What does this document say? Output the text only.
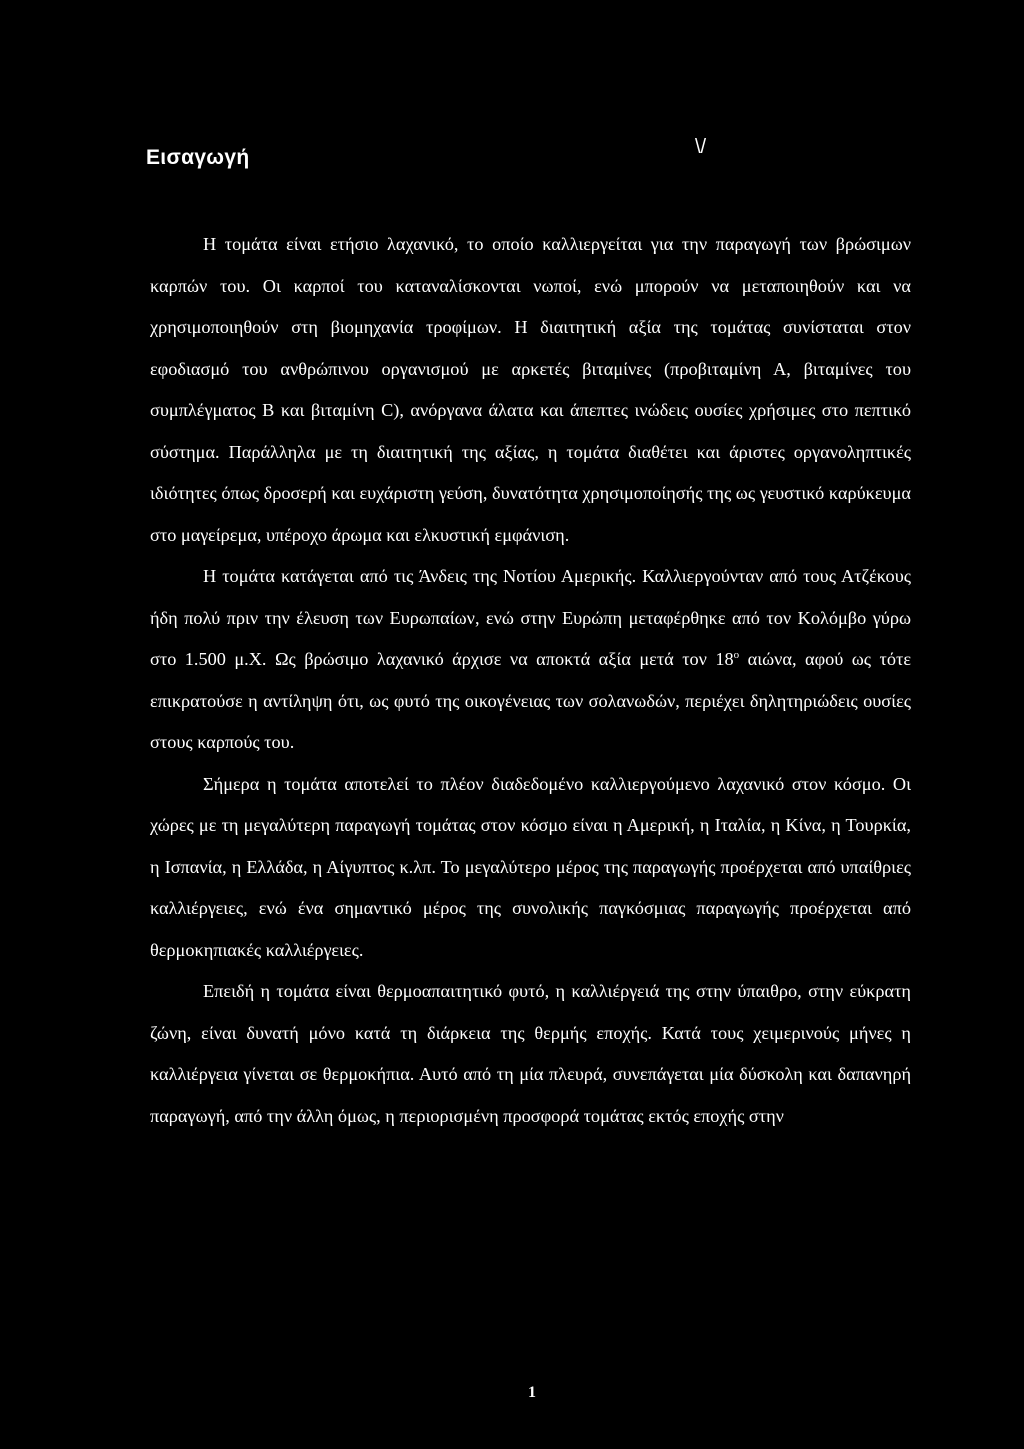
Εισαγωγή	\/

Η τομάτα είναι ετήσιο λαχανικό, το οποίο καλλιεργείται για την παραγωγή των βρώσιμων καρπών του. Οι καρποί του καταναλίσκονται νωποί, ενώ μπορούν να μεταποιηθούν και να χρησιμοποιηθούν στη βιομηχανία τροφίμων. Η διαιτητική αξία της τομάτας συνίσταται στον εφοδιασμό του ανθρώπινου οργανισμού με αρκετές βιταμίνες (προβιταμίνη Α, βιταμίνες του συμπλέγματος Β και βιταμίνη C), ανόργανα άλατα και άπεπτες ινώδεις ουσίες χρήσιμες στο πεπτικό σύστημα. Παράλληλα με τη διαιτητική της αξίας, η τομάτα διαθέτει και άριστες οργανοληπτικές ιδιότητες όπως δροσερή και ευχάριστη γεύση, δυνατότητα χρησιμοποίησής της ως γευστικό καρύκευμα στο μαγείρεμα, υπέροχο άρωμα και ελκυστική εμφάνιση.

Η τομάτα κατάγεται από τις Άνδεις της Νοτίου Αμερικής. Καλλιεργούνταν από τους Ατζέκους ήδη πολύ πριν την έλευση των Ευρωπαίων, ενώ στην Ευρώπη μεταφέρθηκε από τον Κολόμβο γύρω στο 1.500 μ.Χ. Ως βρώσιμο λαχανικό άρχισε να αποκτά αξία μετά τον $18^o$ αιώνα, αφού ως τότε επικρατούσε η αντίληψη ότι, ως φυτό της οικογένειας των σολανωδών, περιέχει δηλητηριώδεις ουσίες στους καρπούς του.

Σήμερα η τομάτα αποτελεί το πλέον διαδεδομένο καλλιεργούμενο λαχανικό στον κόσμο. Οι χώρες με τη μεγαλύτερη παραγωγή τομάτας στον κόσμο είναι η Αμερική, η Ιταλία, η Κίνα, η Τουρκία, η Ισπανία, η Ελλάδα, η Αίγυπτος κ.λπ. Το μεγαλύτερο μέρος της παραγωγής προέρχεται από υπαίθριες καλλιέργειες, ενώ ένα σημαντικό μέρος της συνολικής παγκόσμιας παραγωγής προέρχεται από θερμοκηπιακές καλλιέργειες.

Επειδή η τομάτα είναι θερμοαπαιτητικό φυτό, η καλλιέργειά της στην ύπαιθρο, στην εύκρατη ζώνη, είναι δυνατή μόνο κατά τη διάρκεια της θερμής εποχής. Κατά τους χειμερινούς μήνες η καλλιέργεια γίνεται σε θερμοκήπια. Αυτό από τη μία πλευρά, συνεπάγεται μία δύσκολη και δαπανηρή παραγωγή, από την άλλη όμως, η περιορισμένη προσφορά τομάτας εκτός εποχής στην

1
